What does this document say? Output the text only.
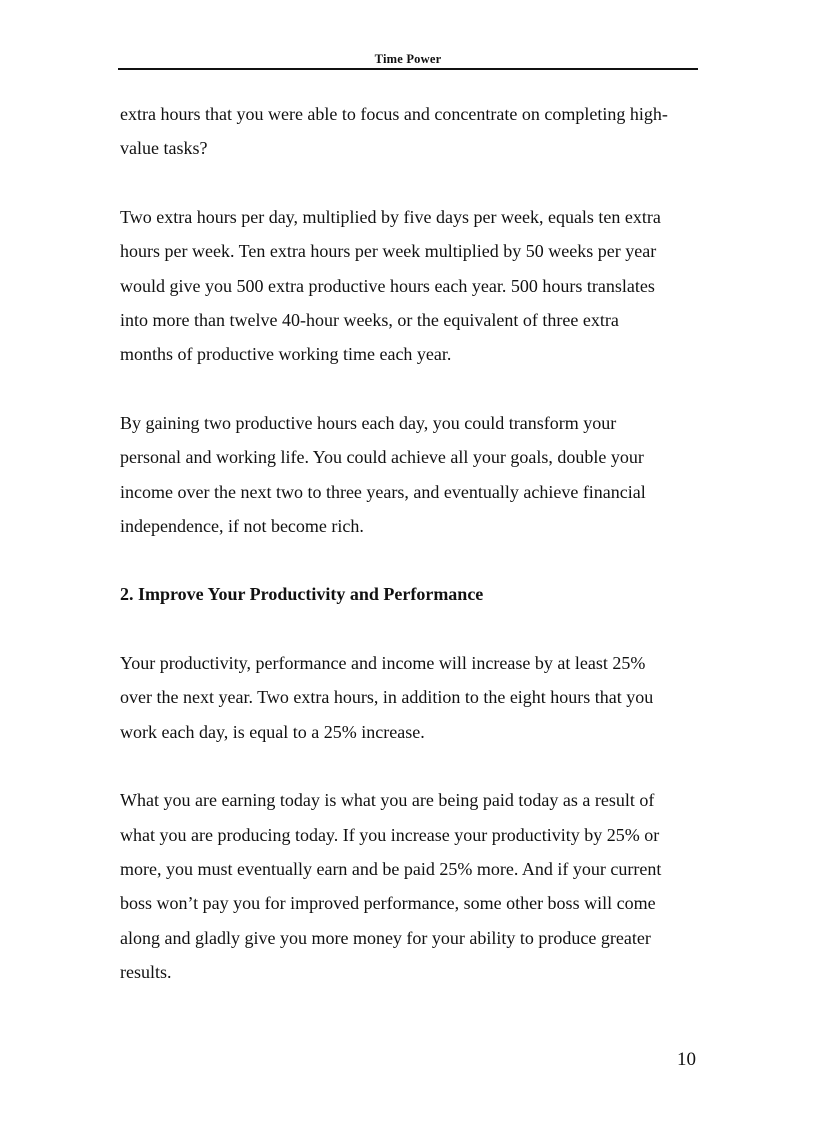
Time Power

extra hours that you were able to focus and concentrate on completing high-
value tasks?

Two extra hours per day, multiplied by five days per week, equals ten extra
hours per week. Ten extra hours per week multiplied by 50 weeks per year
would give you 500 extra productive hours each year. 500 hours translates
into more than twelve 40-hour weeks, or the equivalent of three extra
months of productive working time each year.

By gaining two productive hours each day, you could transform your
personal and working life. You could achieve all your goals, double your
income over the next two to three years, and eventually achieve financial
independence, if not become rich.

2. Improve Your Productivity and Performance

Your productivity, performance and income will increase by at least 25%
over the next year. Two extra hours, in addition to the eight hours that you
work each day, is equal to a 25% increase.

What you are earning today is what you are being paid today as a result of
what you are producing today. If you increase your productivity by 25% or
more, you must eventually earn and be paid 25% more. And if your current
boss won’t pay you for improved performance, some other boss will come
along and gladly give you more money for your ability to produce greater
results.

10
